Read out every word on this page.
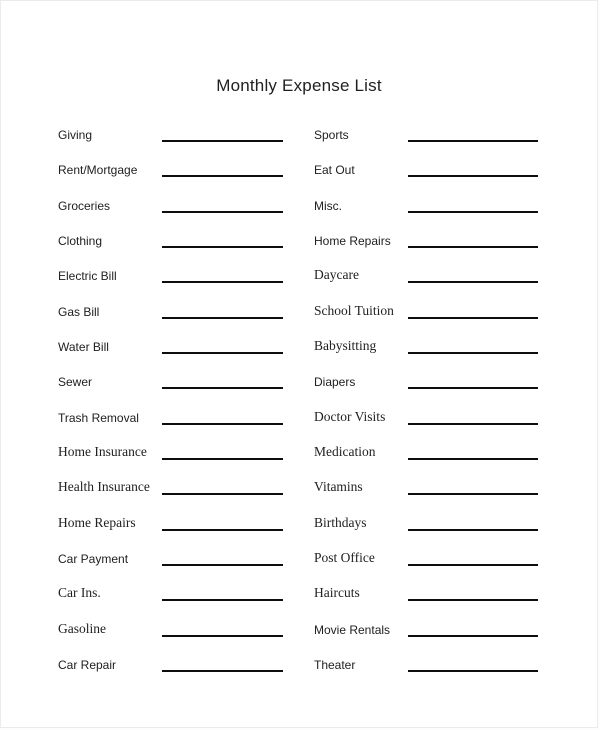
Monthly Expense List
Giving	Sports
Rent/Mortgage	Eat Out
Groceries	Misc.
Clothing	Home Repairs
Electric Bill	Daycare
Gas Bill	School Tuition
Water Bill	Babysitting
Sewer	Diapers
Trash Removal	Doctor Visits
Home Insurance	Medication
Health Insurance	Vitamins
Home Repairs	Birthdays
Car Payment	Post Office
Car Ins.	Haircuts
Gasoline	Movie Rentals
Car Repair	Theater
